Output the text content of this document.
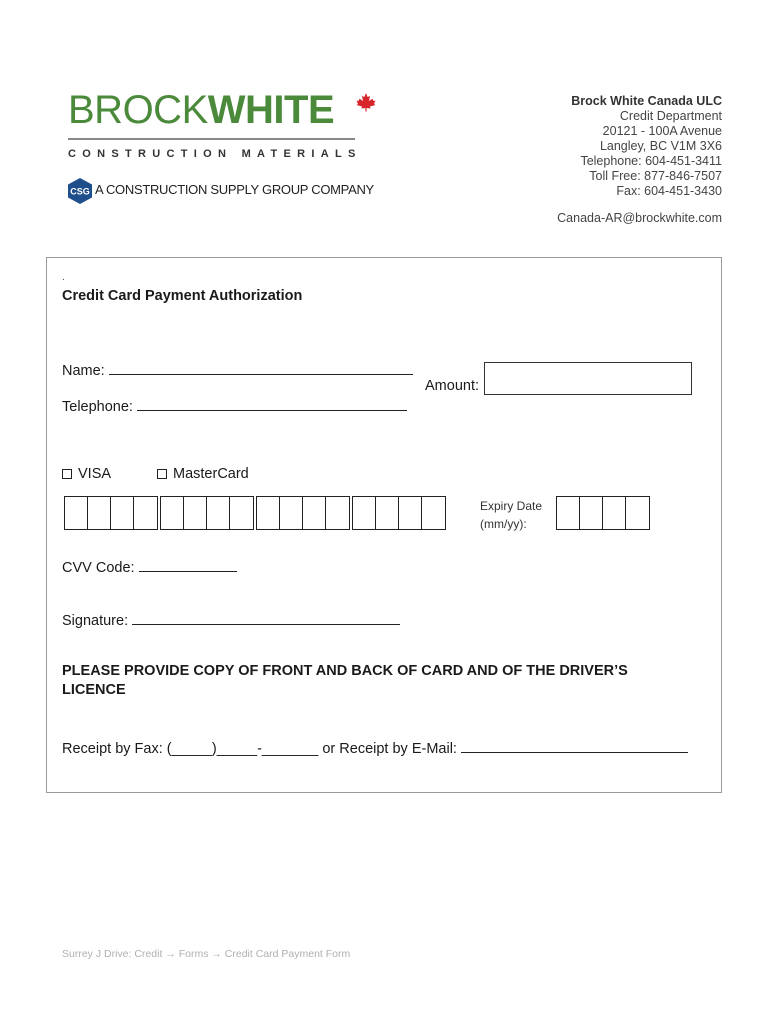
BROCKWHITE
CONSTRUCTION MATERIALS
CSG A CONSTRUCTION SUPPLY GROUP COMPANY
Brock White Canada ULC
Credit Department
20121 - 100A Avenue
Langley, BC V1M 3X6
Telephone: 604-451-3411
Toll Free: 877-846-7507
Fax: 604-451-3430
Canada-AR@brockwhite.com
.
Credit Card Payment Authorization
Name:
Amount:
Telephone:
VISA	MasterCard
Expiry Date
(mm/yy):
CVV Code:
Signature:
PLEASE PROVIDE COPY OF FRONT AND BACK OF CARD AND OF THE DRIVER’S LICENCE
Receipt by Fax: (_____)_____-_______ or Receipt by E-Mail:
Surrey J Drive: Credit → Forms → Credit Card Payment Form
